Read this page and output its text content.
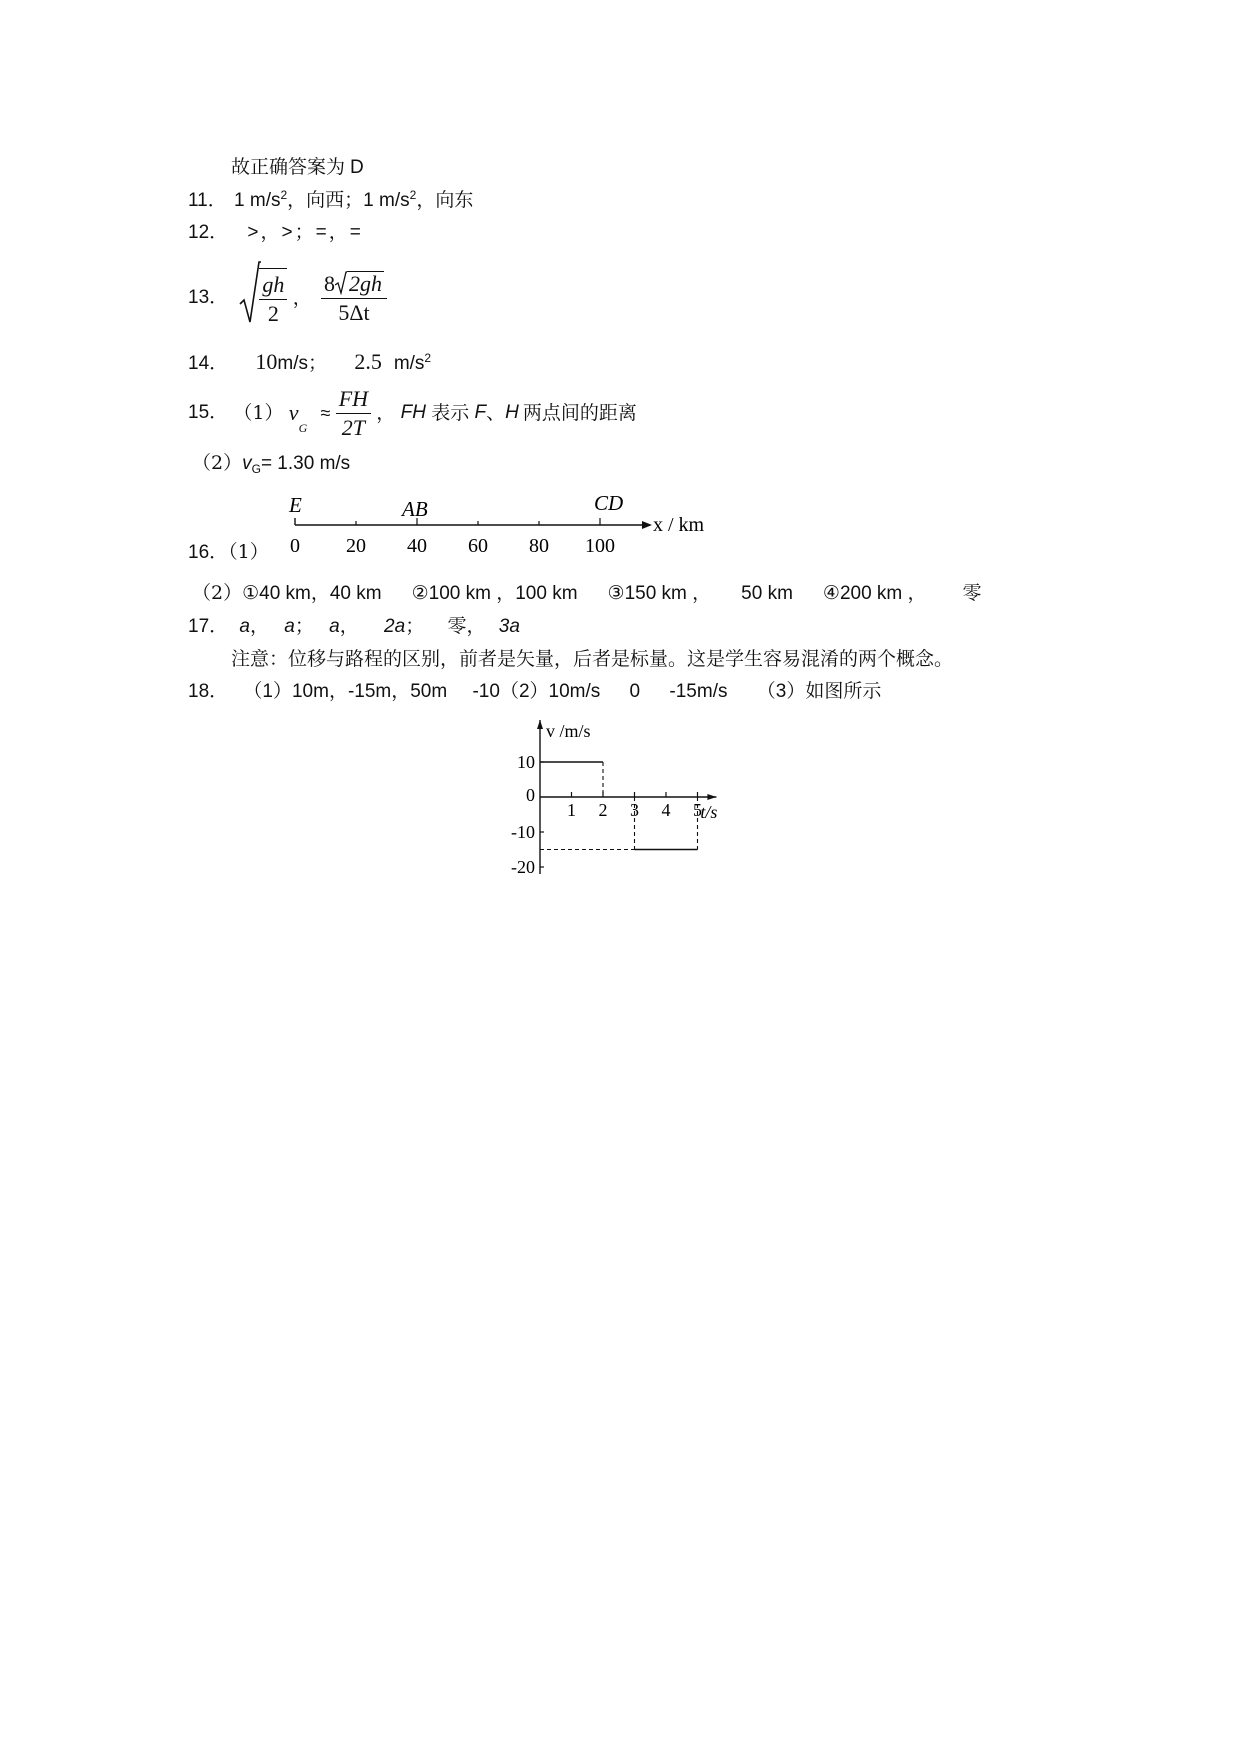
故正确答案为 D
11． 1 $m/s^2$，向西；1 $m/s^2$，向东
12． >，>；=，=
13． $\frac{gh}{2}$ ， $\frac{8 2gh}{5\Delta t}$
14． 10m/s； 2.5 $m/s^2$
15． （1） $v_G \approx \frac{FH}{2T}$ ， FH 表示 F、H 两点间的距离
$(2)v_G= 1.30$ m/s
16．（1）
E	AB	CD
x / km
0 20 40 60 80 100
（2）①40 km，40 km ②100 km ，100 km ③150 km ， 50 km ④200 km ， 零
17． a， a； a， 2a； 零， 3a
注意：位移与路程的区别，前者是矢量，后者是标量。这是学生容易混淆的两个概念。
18． （1）10m，-15m，50m -10（2）10m/s 0 -15m/s （3）如图所示
1 2 3 4 5
10
0
-10
-20
v /m/s
t/s
